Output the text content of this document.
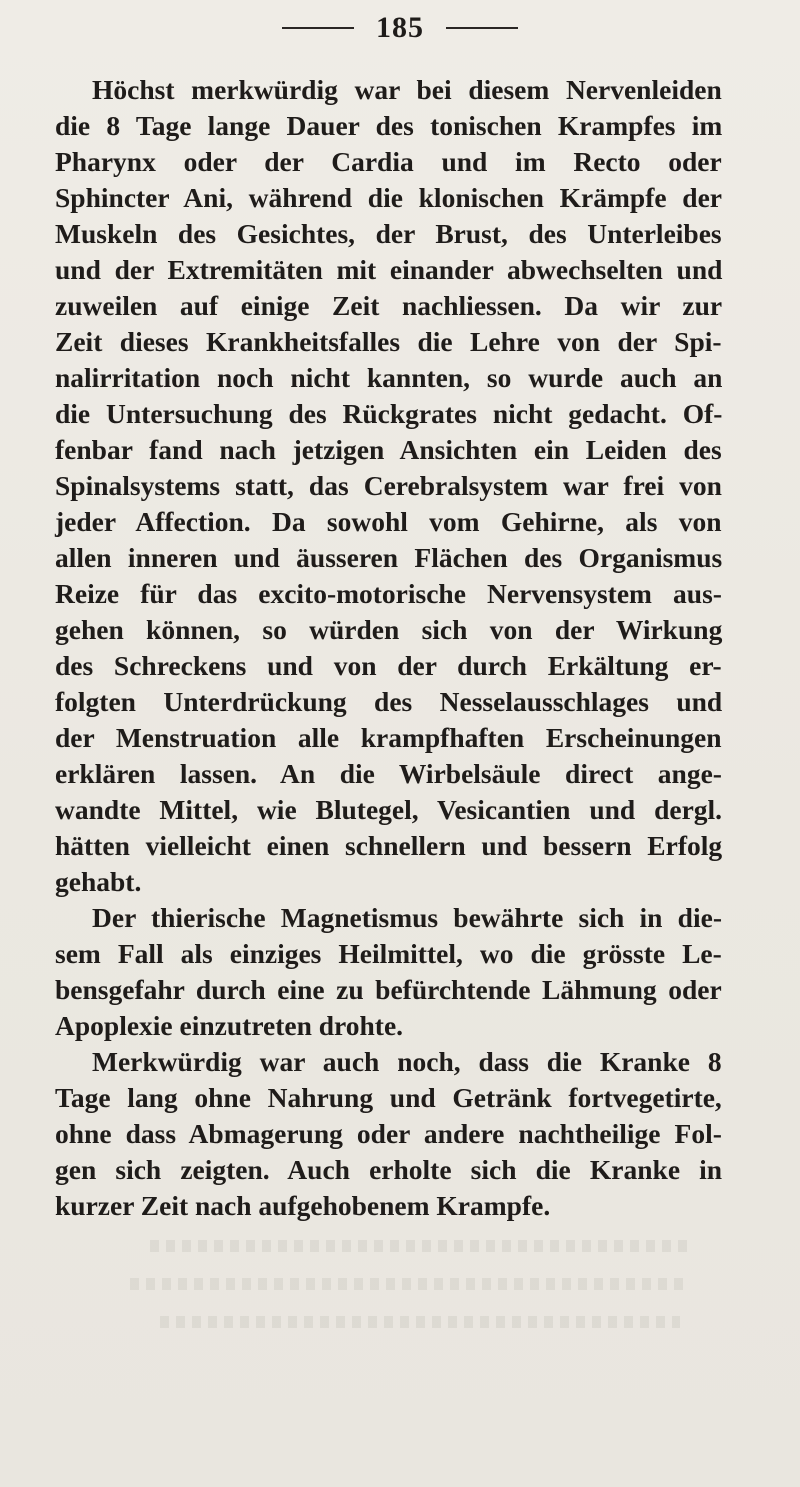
185
Höchst merkwürdig war bei diesem Nervenleiden
die 8 Tage lange Dauer des tonischen Krampfes im
Pharynx oder der Cardia und im Recto oder
Sphincter Ani, während die klonischen Krämpfe der
Muskeln des Gesichtes, der Brust, des Unterleibes
und der Extremitäten mit einander abwechselten und
zuweilen auf einige Zeit nachliessen. Da wir zur
Zeit dieses Krankheitsfalles die Lehre von der Spi-
nalirritation noch nicht kannten, so wurde auch an
die Untersuchung des Rückgrates nicht gedacht. Of-
fenbar fand nach jetzigen Ansichten ein Leiden des
Spinalsystems statt, das Cerebralsystem war frei von
jeder Affection. Da sowohl vom Gehirne, als von
allen inneren und äusseren Flächen des Organismus
Reize für das excito-motorische Nervensystem aus-
gehen können, so würden sich von der Wirkung
des Schreckens und von der durch Erkältung er-
folgten Unterdrückung des Nesselausschlages und
der Menstruation alle krampfhaften Erscheinungen
erklären lassen. An die Wirbelsäule direct ange-
wandte Mittel, wie Blutegel, Vesicantien und dergl.
hätten vielleicht einen schnellern und bessern Erfolg
gehabt.
Der thierische Magnetismus bewährte sich in die-
sem Fall als einziges Heilmittel, wo die grösste Le-
bensgefahr durch eine zu befürchtende Lähmung oder
Apoplexie einzutreten drohte.
Merkwürdig war auch noch, dass die Kranke 8
Tage lang ohne Nahrung und Getränk fortvegetirte,
ohne dass Abmagerung oder andere nachtheilige Fol-
gen sich zeigten. Auch erholte sich die Kranke in
kurzer Zeit nach aufgehobenem Krampfe.
